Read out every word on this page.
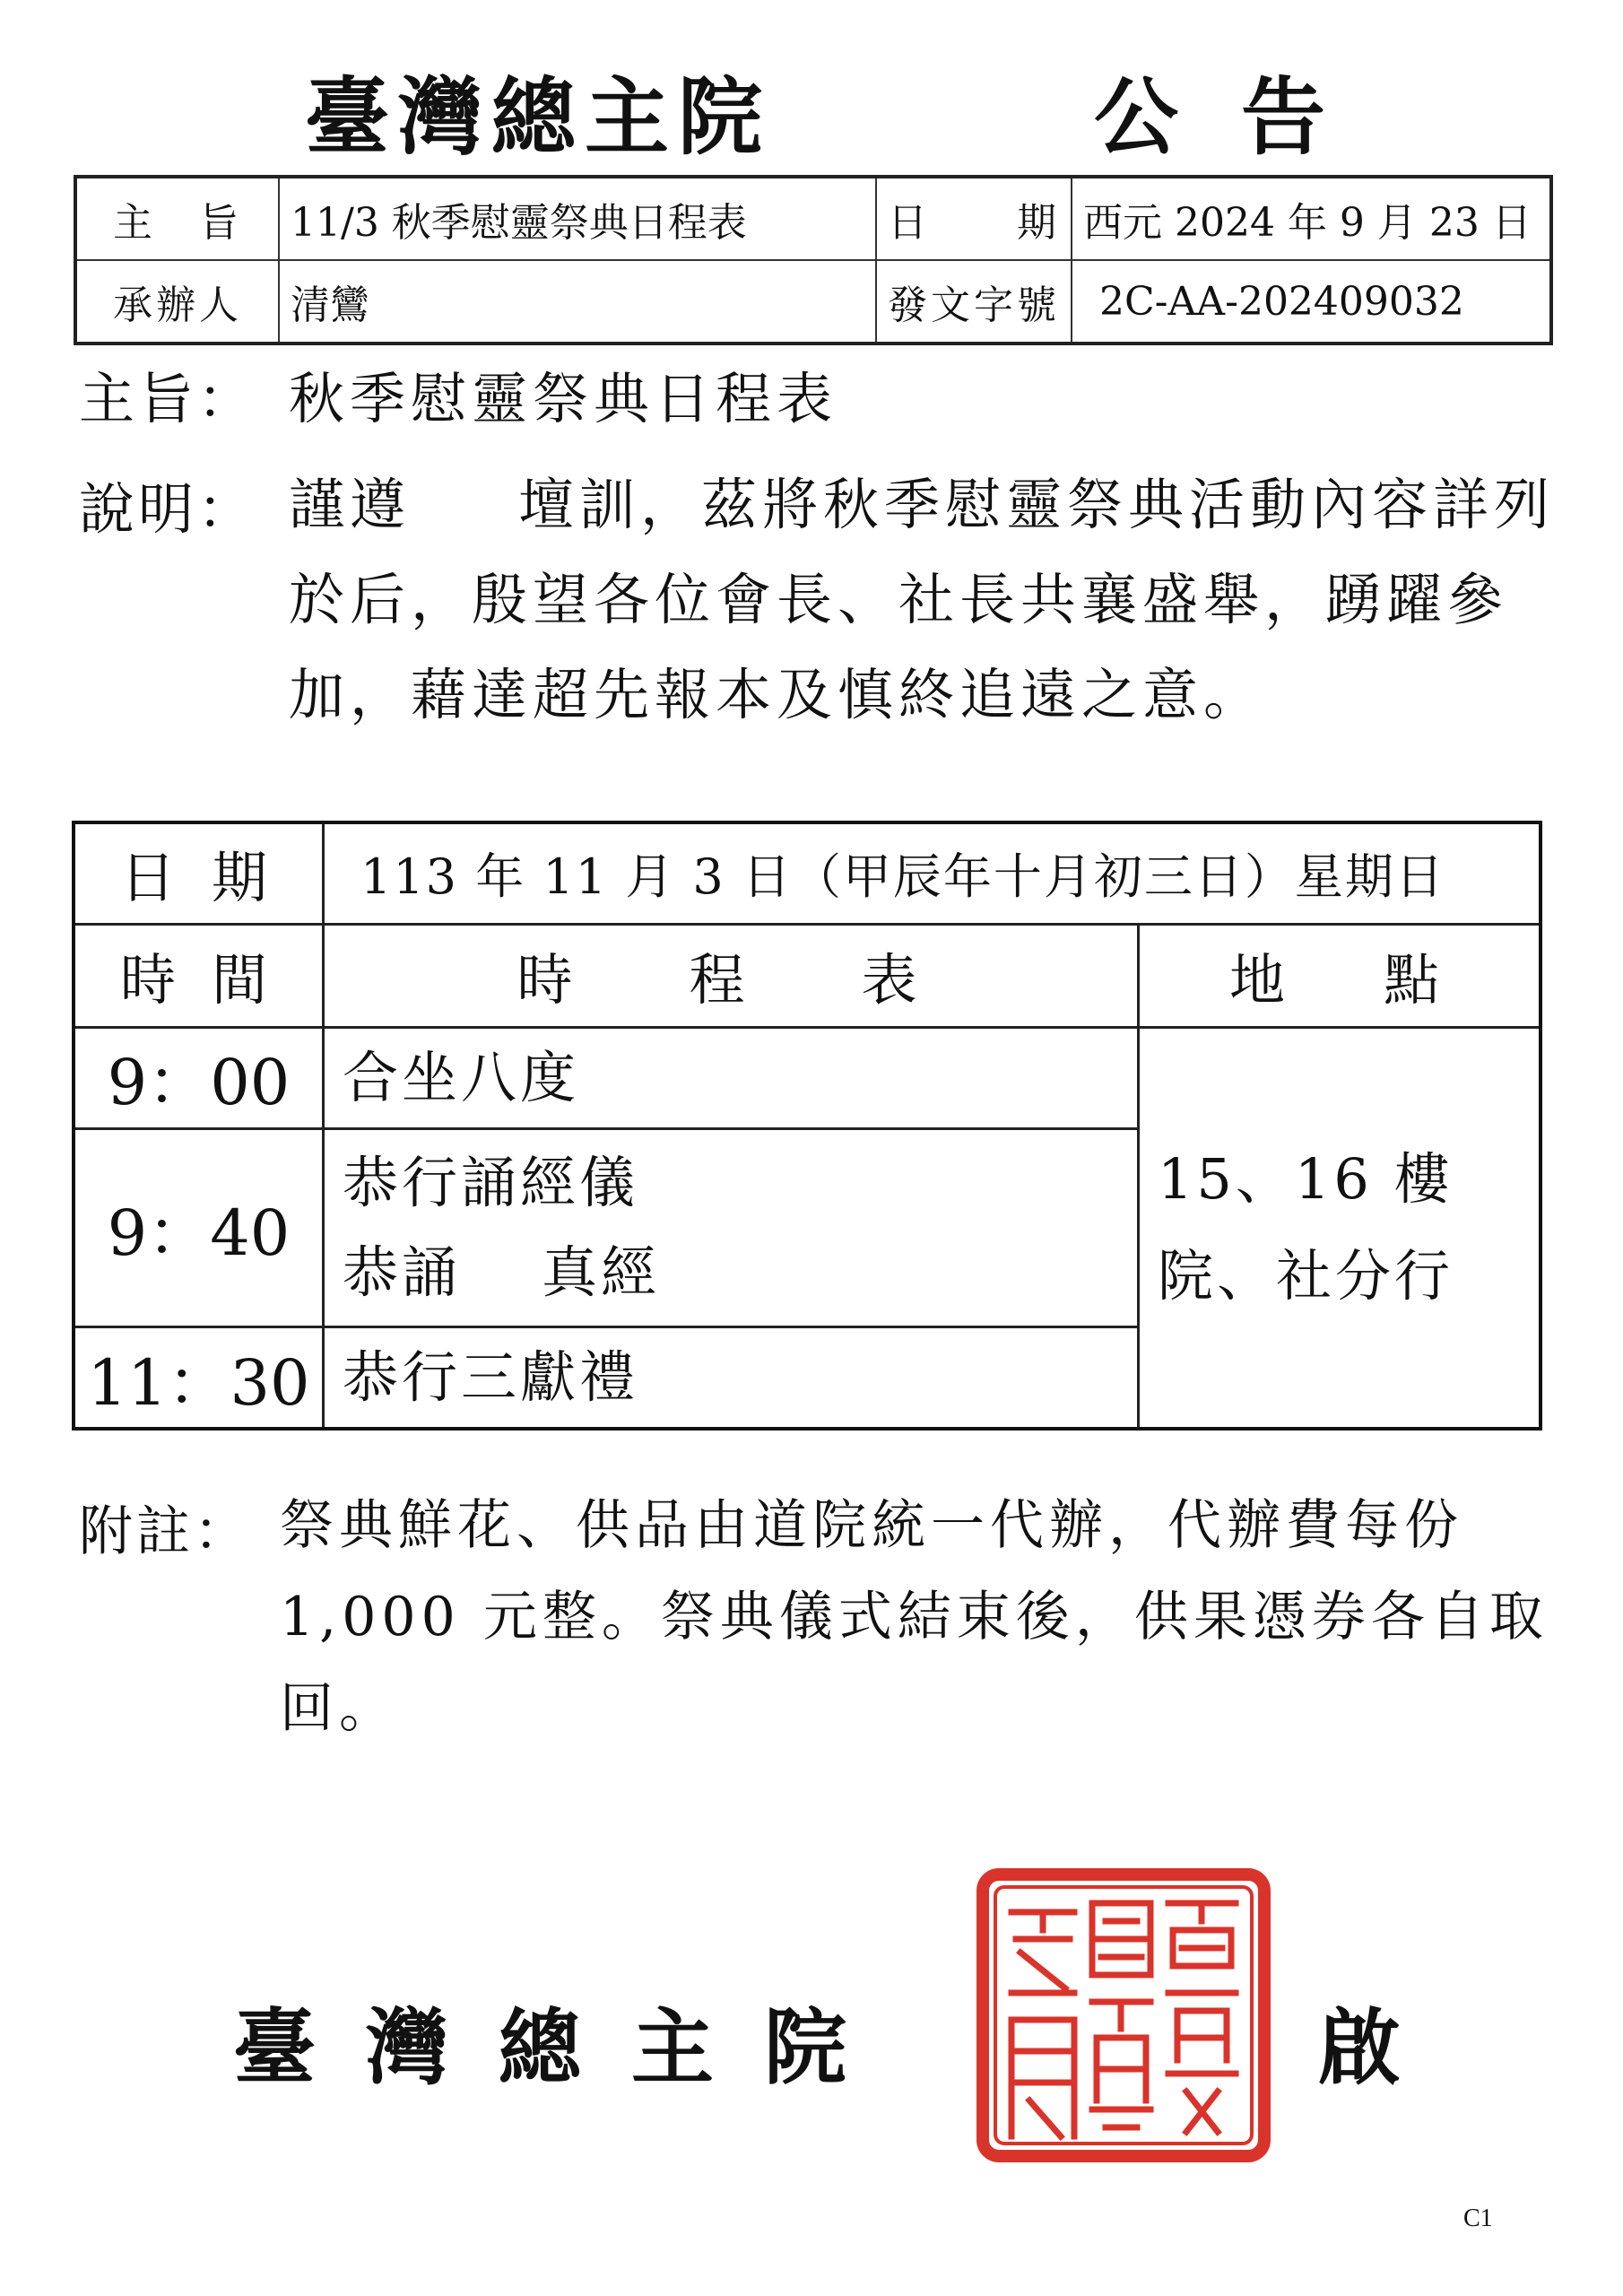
臺灣總主院	公告
主　旨	11/3 秋季慰靈祭典日程表	日　　期	西元 2024 年 9 月 23 日
承辦人	清鸞	發文字號	2C-AA-202409032
主旨： 秋季慰靈祭典日程表
說明： 謹遵 壇訓，茲將秋季慰靈祭典活動內容詳列於后，殷望各位會長、社長共襄盛舉，踴躍參加，藉達超先報本及慎終追遠之意。
日期	113 年 11 月 3 日（甲辰年十月初三日）星期日	
時間	時程表	地點
9：00	合坐八度	15、16 樓
院、社分行

9：40	恭行誦經儀
恭誦 真經	

11：30	恭行三獻禮	
附註： 祭典鮮花、供品由道院統一代辦，代辦費每份 1,000 元整。祭典儀式結束後，供果憑券各自取回。
臺灣總主院	啟
C1
